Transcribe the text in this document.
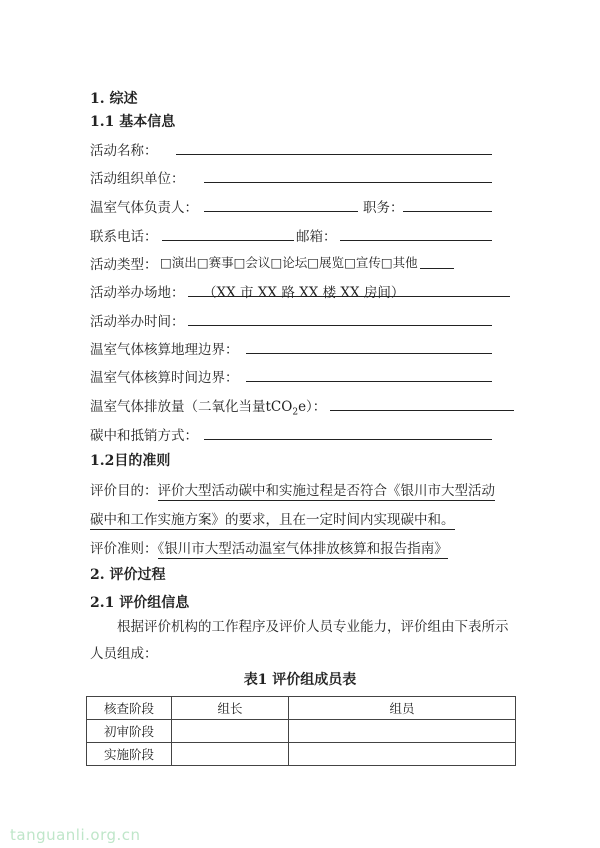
1. 综述
1.1 基本信息
活动名称：
活动组织单位：
温室气体负责人：	职务：
联系电话：	邮箱：
活动类型： □演出□赛事□会议□论坛□展览□宣传□其他
活动举办场地： （XX 市 XX 路 XX 楼 XX 房间）
活动举办时间：
温室气体核算地理边界：
温室气体核算时间边界：
温室气体排放量（二氧化当量tCO$_2$e）：
碳中和抵销方式：
1.2目的准则
评价目的：评价大型活动碳中和实施过程是否符合《银川市大型活动
碳中和工作实施方案》的要求，且在一定时间内实现碳中和。
评价准则：《银川市大型活动温室气体排放核算和报告指南》
2. 评价过程
2.1 评价组信息
根据评价机构的工作程序及评价人员专业能力，评价组由下表所示人员组成：
表1 评价组成员表
核查阶段	组长	组员
初审阶段		
实施阶段		
tanguanli.org.cn
